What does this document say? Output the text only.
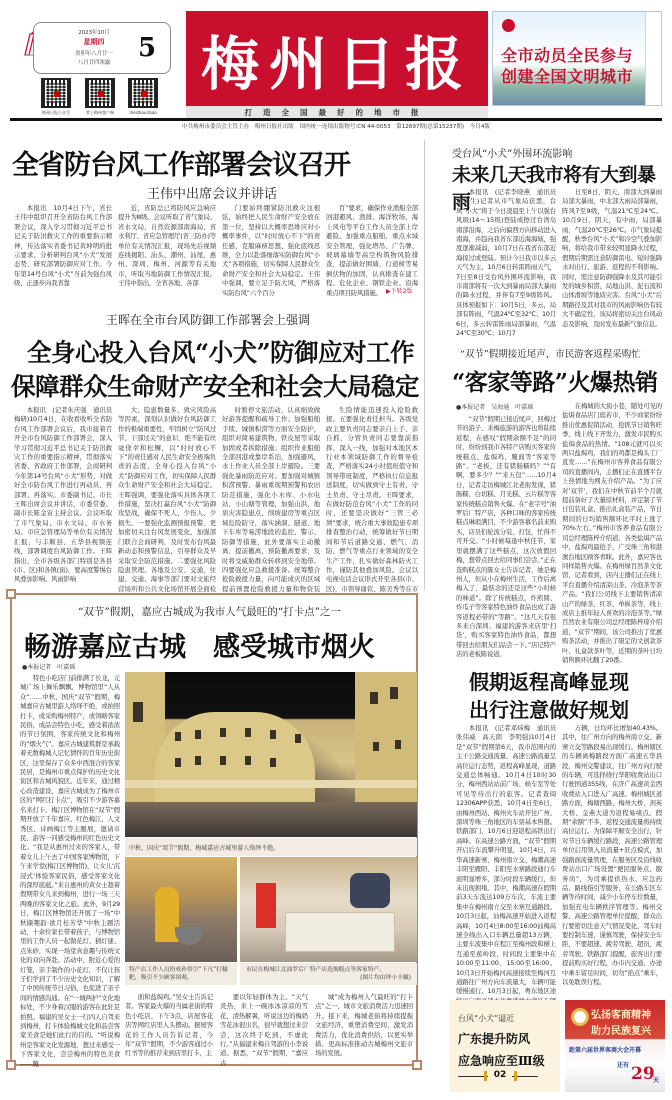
2023年10月
星期四
癸卯年八月廿一
八月廿四寒露	5
梅州日报公众号	掌上梅州客户端	meizhouribao
梅州日报
打造全国最好的地市报
全市动员全民参与
创建全国文明城市
中共梅州市委员会主管主办　梅州日报社出版　国内统一连续出版物号:CN 44-0053　第12697期(总第15237期)　今日4版
全省防台风工作部署会议召开
王伟中出席会议并讲话
本报讯　10月4日下午，省长王伟中组织召开全省防台风工作部署会议，深入学习贯彻习近平总书记关于防汛救灾工作的重要指示精神，传达落实省委书记黄坤明的批示要求，分析研判台风“小犬”发展态势，研究部署防御应对工作。今年第14号台风“小犬”当前为强台风级，正逐步向我省靠
近，省防总已将防风应急响应提升为Ⅲ级。会议听取了省气象局、省水文局、自然资源部南海局、省水利厅、省应急管理厅(省三防办)等单位有关情况汇报，现场先后视频连线揭阳、汕头、潮州、汕尾、惠州、深圳、梅州、河源等有关地市，听取当地防御工作情况汇报。王伟中指出，全省各地、各部
门要始终绷紧防汛救灾这根弦，始终把人民生命财产安全放在第一位，坚持以大概率思维应对小概率事件，以“时时放心不下”的责任感，克服麻痹思想、强化底线思维，全力以赴落细落实防御台风“小犬”各项措施，切实保障人民群众生命财产安全和社会大局稳定。王伟中强调，要立足于防大风，严格落实防台风“六个百分
百”要求，确保作业渔船全部回港避风、渔排、海洋牧场、海上风电等平台工作人员全部上岸避险。加强重点船舶、重点水域安全管理，强化塔吊、广告牌、玻璃幕墙等高空构筑物风险排查，提前做好围墙、行道树等易倒伏物的加固，认真排查在建工程、危化企业、钢铁企业、沿海重点项目防风措施。 ▶下转2版
王晖在全市台风防御工作部署会上强调
全身心投入台风“小犬”防御应对工作
保障群众生命财产安全和社会大局稳定
本报讯　(记者朱庆强　通讯员梅研)10月4日，在收看收听全省防台风工作部署会议后，我市接着召开全市台风防御工作部署会，深入学习贯彻习近平总书记关于防汛救灾工作的重要指示精神，贯彻落实省委、省政府工作部署，会商研判今年第14号台风“小犬”形势，对做好全市防台风工作进行再动员、再部署、再落实。市委副书记、市长王晖出席会议并讲话，市委常委、副市长陈金宙主持会议。会议听取了市气象局、市水文局、市水务局、市应急管理局等单位有关情况汇报，与丰顺县、五华县视频连线，部署调度台风防御工作。王晖指出，全市各级各部门特别是各县(市、区)和各镇(街)，要高度警惕台风叠加影响、风雨影响
大、隐患数量多、致灾风险高等因素，深刻认识做好台风防御工作的极端重要性，牢固树立“防风过节、干部过关”的意识，绝不能有丝毫侥幸和松懈，以“时时放心不下”的责任感对人民生命安全极端负责的态度，全身心投入台风“小犬”防御应对工作，切实保障人民群众生命财产安全和社会大局稳定。王晖强调，要强化落实具体各项工作措施，坚决打赢台风“小犬”防御攻坚战，确保不死人、少伤人、少损失。一要强化监测预报预警，更加密切关注台风发展变化，加强部门联合会商研判，及时发布台风最新动态和预警信息，引导群众及早采取安全防范措施。二要强化风险隐患管理。各地及公安、交通、住建、交通、海事等部门要对文旅经营场所和公共文化场馆开展全面检
时暂停文旅活动，认真细致做好游客提醒和疏导工作；加强船舶手续、城镇积涝等方面安全防护，组织对简易建筑物、铁皮屋等采取加固或者拆除措施；组织作业船舶全部回港或靠岸系泊，加强避风，水上作业人员全部上岸避险。三要强化暴雨防范应对。要加强对城镇积涝预警、暴雨重现期预警和农田防范措施，强化小水库、小水电站、小山塘等管理，加强山洪、地质灾害隐患点、削坡建房等重点区域危险防守，落实涵洞、隧道、地下车库等易涝地段的监控、警示、防御等措施，此外要落实主动撤离、提前撤离，预防撤离要求，及时将受威胁群众转移到安全地带。四要强化应急救援准备。统筹整合抢险救援力量，向可能成灾的区域提前预置抢险救援力量和物资装
生险情能迅速投入抢险救援。五要强化责任担当。各级党政主要负责同志要亲自上手、亲自抓，分管负责同志要靠前指挥、深入一线，加强对本地区本行业本领域防御工作的督导检查，严格落实24小时值班值守和领导带班制度，严格执行信息报送制度，切实做到守土有责、守土负责、守土尽责。王晖要求，在做好防范台风“小犬”工作的同时，还要坚决做好“三管三必须”要求，统合重大事故隐患专项排查整治行动，统筹做好节日期间和节后道路交通、燃气、消防、燃气等重点行业领域的安全生产工作，扎实做好森林防火工作，谨防其他叠加风险。会议以电视电话会议形式开至各县(市、区)，市领导谢钦、陈美秀等在市
受台风“小犬”外围环流影响
未来几天我市将有大到暴雨
本报讯　(记者李晓燕　通讯员谢盛生)记者从市气象局获悉，台风“小犬”将于今日凌晨至上午以强台风级(14～15级)登陆或擦过台湾岛南部沿海，之后向偏西方向移动进入南海，并趋向我省东部近海海域，强度逐渐减弱，10月7日在我省东部近海掠过或登陆。预计今日我市以多云天气为主，10月6日转雷阵雨天气，7日至8日受台风外围环流影响，我市南部将有一次大到暴雨局部大暴雨的降水过程，并伴有7至9级阵风。具体预报如下：10月5日，多云，局部有阵雨，气温24℃至32℃；10月6日，多云转雷阵雨局部暴雨，气温24℃至30℃；10月7
日至8日，阴天，南部大到暴雨局部大暴雨，中北部大雨局部暴雨，阵风7至9级，气温21℃至24℃。10月9日，阴天，有中雨，局部暴雨，气温20℃至26℃。市气象局提醒，秋季台风“小犬”和冷空气叠加影响，将给我市带来较明显降水过程，假期后期需注意防御雷电、短时强降水对出行、旅游、返程的不利影响。同时，需注意防御强降水及其可能引发的城乡积涝、局地山洪、泥石流和山体滑坡等地质灾害。台风“小犬”后期路径及其对我市的风雨影响仍有较大不确定性，该局将密切关注台风动态及影响，及时发布最新气象信息。
“双节”假期接近尾声，市民游客返程采购忙
“客家等路”火爆热销
●本报记者　吴海通　叶嘉瑶
“双节”假期已接近尾声，回梅过节的游子、来梅旅游的游客也将陆续返程，在感叹“假期余额不足”的同时，纷纷到我市各特产店购买客家传统糕点、盐焗鸡、腌面等“客家等路”。“老板，还有猪肠糯吗？”“有啊，要多少？”“来五包”……10月4日，记者走访梅城江北老街发现，猪肠糯、白切糕、月光糕、云片糕等客家传统糕点销售火爆。在“老字号”油罗后厂特产店，各种口味的客家传统糕点琳琅满目，不少游客慕名前来购买，店员们轮流分装、打包，忙得不可开交。“小时候每逢中秋佳节，家里就摆满了这些糕点，这次放假回梅，想带点回去给同事们尝尝。”正在选购糕点的陈女士告诉记者，她是梅州人，但从小在梅州生活，工作后离梅入了，最惦念的还是这些“小时候的味道”。除了传统糕点，炸煎圆、炸瓜子等客家特色油炸食品也成了游客返程必带的“等路”。“这几天有很多来自深圳、福建的游客来店里‘扫货’，购买客家特色油炸食品，都想带回去给朋友们品尝一下。”店记特产店的老板陈说道。
在梅城的大街小巷，随处可见的盐焗食品店门庭若市，不少商家纷纷推出优惠促销活动，抢抓节日销售旺季，线上线下齐发力，激发市民购买盐焗食品的热情。“108元就可以买两只盐焗鸡，我们的鸡都是梅头工厂直发……”在梅州市客养食品有限公司的直播间内，主播们正在直播平台上热情地为网友介绍产品。“为了应对‘双节’，我们在中秋节前半个月就提前备好了大量原材料，并定制了节日包装礼盒、推出礼盒装产品，节日期间的日均销售额环比平时上涨了70%左右。”梅州市客养食品有限公司总经理陈梓介绍道，各类盐焗产品中，盐焗鸡最抢手，广受珠三角和港澳台地区顾客青睐。此外，嘉应客也同样销售火爆。在梅州绿百然茶文化馆，记者看到，店内主播们正在线上平台直播介绍清凉山茶、冷泡茶等茶产品。“我们公司线下主要销售清凉山产的绿茶、红茶、单枞茶等，线上或店主推年轻人喜欢的冷泡茶等。”绿百然农业有限公司总经理陈梓琼介绍道，“双节”期间，该公司推出了优惠购茶活动，并推出了限定的文创款茶叶、礼盒款茶叶等，近期的茶叶日均销售额环比翻了20番。
假期返程高峰显现
出行注意做好规划
本报讯　(记者邓炜梅　通讯员张伟威　高天朗　李明强)10月4日是“双节”假期第6天，我市范围内的主干公路交通流量、高速公路流量呈高位运行态势，返程高峰显现，道路交通总体畅通。10月4日10时30分，梅州西站站前广场、候车室等处可见等待出行的旅客。记者查阅12306APP获悉，10月4日至6日，由梅州西站、梅州火车站开往广州、深圳等珠三角地区的车票基本售罄。铁路部门，10月6日迎返程高铁出行高峰。在高速公路方面，“双节”假期开启后车流攀升明显，10月4日，兴华高速新寨、梅州南立交、梅潮高速丰阳至雁阳、丰阳至水寨路段通行车流明显增多，部分时段车辆缓行，但未出现拥堵。其中，梅潮高速在假期前3天车流达109万车次，车流主要集中在梅州南立交至水寨互通路段。10月3日起，汕梅高速开始进入返程高峰，10月4日8:00至16:00汕梅高速全线出入口车辆总量超13万辆，主要车流集中在程江至梅州段和横上互通至蕉岭段，时间段主要集中在10:00至11:00、15:00至16:00。10月3日开始梅河高速接续至梅河互通路往广州方向车流量大，车辆可能缓慢通行。10月3日起，粤东地区途
万辆，日均环比增加40.43%。其中，往广州方向的梅州南立交、新寨立交等路段易出现缓行。梅州辖区的车辆离梅路段方面广高速五华县段，梅州交警建议，往广州方向行驶的车辆，可选择绕行华阳收费站出口行驶国道355线，在济广高速黄金西收费站入口进入广高速。梅州城区道路方面，梅塘西路、梅州大桥、剑英大桥、金燕大道为返程易堵点。假期“余额”不多，返程交通流量将持续高位运行。为保障平顺安全出行，针对节日车辆缓行路段，高速公路管理单位启用领入员流量+驻点模式，加强路面流量管理，在服务区及沿线收费站出口广场设置“便民服务点、服务岗”，为司乘提供热水、应急药品、路线指引等服务，在公路车区车辆等待时间，减少小车停车位数量，加强充电车辆秩序管理等。梅州交警、高速公路管理单位提醒，群众出行要密切注意天气情况变化，驾车时要控制车速，谨慎驾驶，保持安全车距，不要超速、疲劳驾驶、超员，疲劳驾驶。铁路部门提醒，旅客出行要提前购买好行程，办市内交通、办途中乘车留足时间，切勿“掐点”乘车，以免耽误行程。
“双节”假期，嘉应古城成为我市人气最旺的“打卡点”之一
畅游嘉应古城　感受城市烟火
●本报记者　叶嘉瑶
特色小吃店门前排满了长龙，元城广场上舞乐飘飘，博物馆里“人从众”……中秋、国庆“双节”假期，梅城嘉应古城里游人络绎不绝，或拍照打卡，或采购梅州特产，或领略客家民俗，或品尝特色小吃，感受着浓浓的节日氛围，客家传统文化和梅州的“烟火气”。嘉应古城建筑群是承载着无数梅城人记忆情怀的百年历史街区，这里保存了众多中西混合的客家民居，是梅州市重点保护的历史文化街区和古城风貌区。近年来，通过精心改造建设，嘉应古城成为了梅州市区的“网红打卡点”，吸引不少游客慕名来打卡。梅江区博物馆在“双节”假期开放了千年嘉应、红色梅江、人文秀区、诗画梅江等主题展，邀请市民、游客一同感受梅州的红色历史文化。“我是从惠州过来的客家人，带着女儿上午去了中国客家博物馆，下午来学堂(梅江区博物馆)，让女儿‘沉浸式’体验客家民俗，感受客家文化的深厚底蕴。”来自惠州的黄女士趁着假期带女儿来到梅州，进行一场三天两晚的客家文化之旅。此外，9月29日，梅江区博物馆还开展了一场“中秋撷趣韵·欲月桂芳华”中秋主题活动，十余位家长带着孩子，与博物馆里的工作人员一起做花灯、猜灯谜、点朱砂，实现一场堂真意趣与传统文化的双向奔赴。活动中，附近心爱的灯笼，亲手制作的小花灯，不仅让孩子们学到了不少历史文化知识，了解了中国传统节日习俗，也促进了亲子间的情感沟通。在“一城两护”文化地标处，不少身着汉服的游客在此驻足拍照。福建的吴女士一行四人自驾来到梅州，打卡体验梅城文化和品尝客家美食是她们此行的目的。“听说梅州是客家文化发源地，想过来感受一下客家文化，尝尝梅州的特色美食——腌
中秋、国庆“双节”假期，梅城嘉应古城里游人络绎不绝。
特产店工作人员扮成孙悟空“下凡”打糍粑，吸引不少顾客围观。
市民在梅城江北油罗后厂特产店选购糕点等客家特产。
(图片均由钟小丰摄)
面和盐焗鸡。”吴女士告诉记者。客家最火爆的当属老街的特色小吃店，下午3点，店屋客花店等网红店里人头攒动。据屋客花的工作人员告诉记者，今年“双节”假期，不少游客通过小红书等的推荐来到店里打卡，主
要以年轻群体为主。“天气炎热，来上一碗冰冰凉凉的雪花，清热解暑，听说这边的梅奶雪花冰很出名，很早就想过来尝尝，这次终于吃到，不虚此行。”从福建来梅自驾游的小李说道。据悉，“双节”假期，“嘉应古
城”成为梅州人气最旺的“打卡点”之一，城市文旅消费活力迅速回升。接下来，梅城老街将持续提振文旅经济，重塑消费空间，激发消费活力，优化消费供给，以更实举措、更高标准推动古城梅州文旅市场的发展。
台风“小犬”逼近
广东提升防风
应急响应至Ⅲ级
02
弘扬客商精神
助力民族复兴
距第六届世界客商大会开幕
还有 29
天
